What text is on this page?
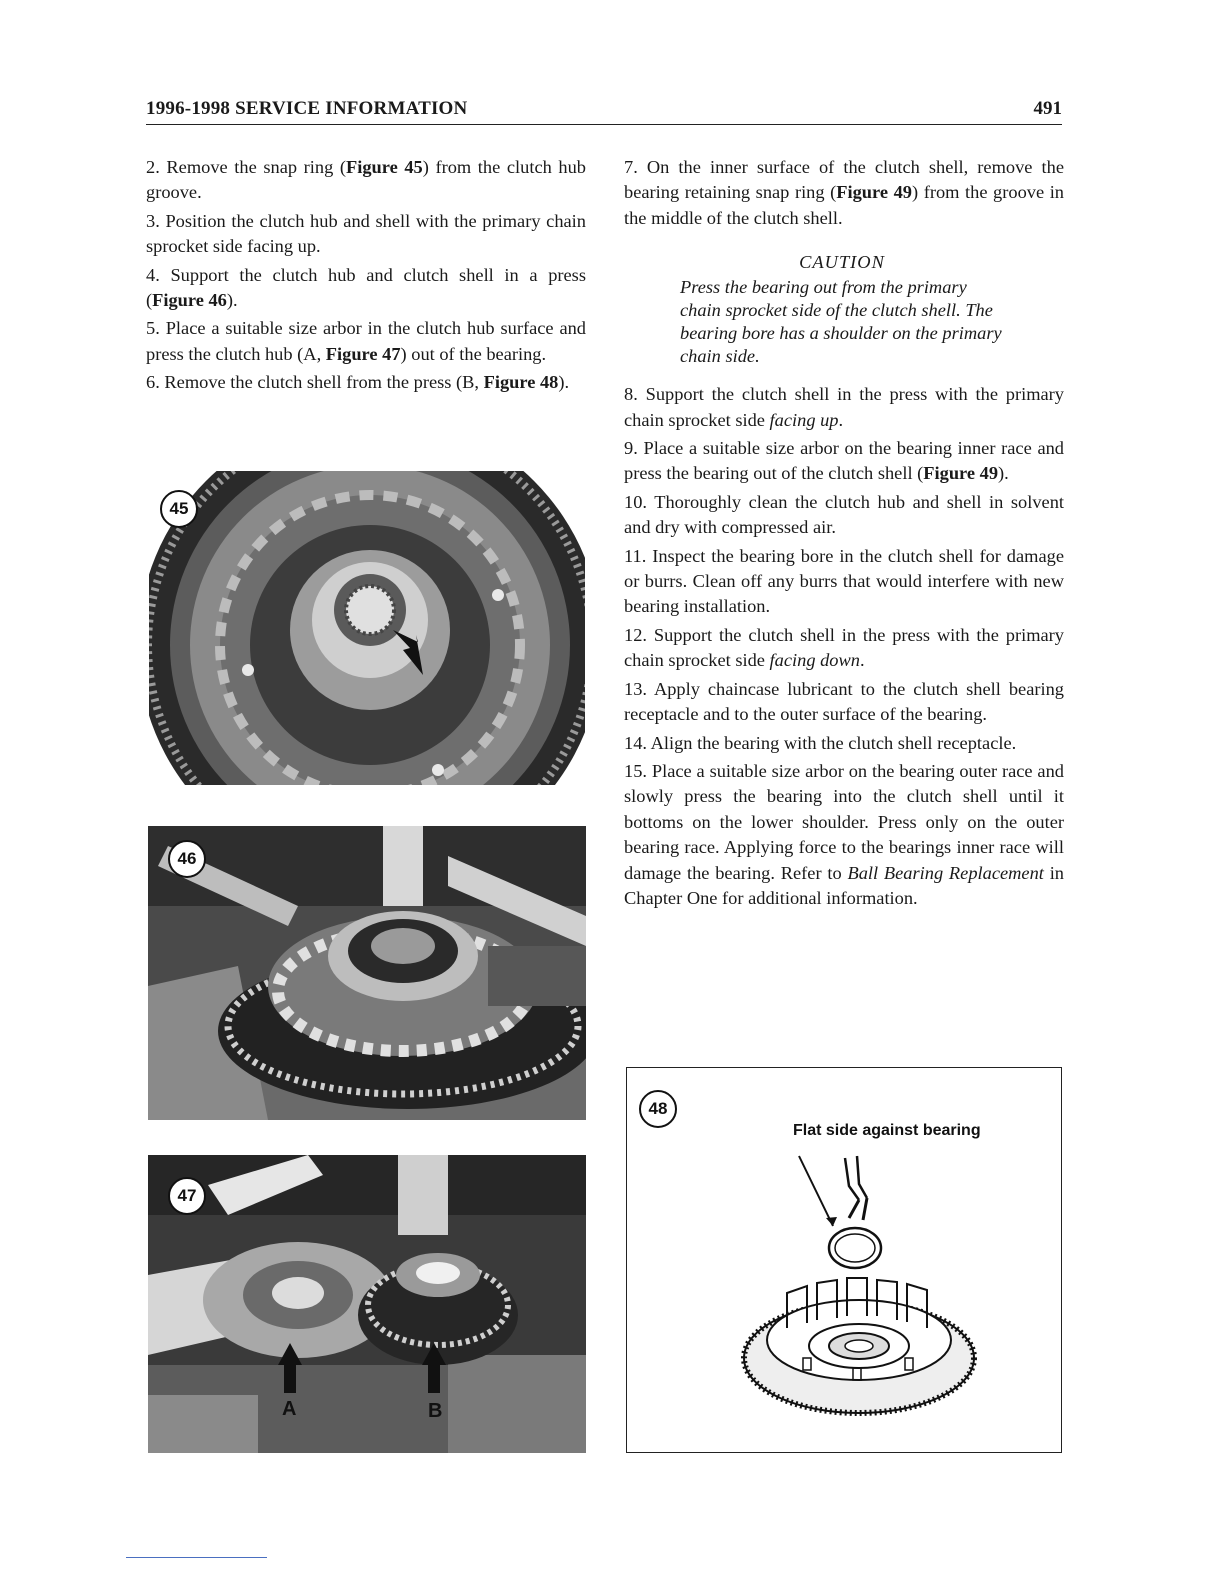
1996-1998 SERVICE INFORMATION	491

2. Remove the snap ring (Figure 45) from the clutch hub groove.

3. Position the clutch hub and shell with the primary chain sprocket side facing up.

4. Support the clutch hub and clutch shell in a press (Figure 46).

5. Place a suitable size arbor in the clutch hub surface and press the clutch hub (A, Figure 47) out of the bearing.

6. Remove the clutch shell from the press (B, Figure 48).

7. On the inner surface of the clutch shell, remove the bearing retaining snap ring (Figure 49) from the groove in the middle of the clutch shell.

CAUTION
Press the bearing out from the primary chain sprocket side of the clutch shell. The bearing bore has a shoulder on the primary chain side.

8. Support the clutch shell in the press with the primary chain sprocket side facing up.

9. Place a suitable size arbor on the bearing inner race and press the bearing out of the clutch shell (Figure 49).

10. Thoroughly clean the clutch hub and shell in solvent and dry with compressed air.

11. Inspect the bearing bore in the clutch shell for damage or burrs. Clean off any burrs that would interfere with new bearing installation.

12. Support the clutch shell in the press with the primary chain sprocket side facing down.

13. Apply chaincase lubricant to the clutch shell bearing receptacle and to the outer surface of the bearing.

14. Align the bearing with the clutch shell receptacle.

15. Place a suitable size arbor on the bearing outer race and slowly press the bearing into the clutch shell until it bottoms on the lower shoulder. Press only on the outer bearing race. Applying force to the bearings inner race will damage the bearing. Refer to Ball Bearing Replacement in Chapter One for additional information.

45
46
A	B
47
48
Flat side against bearing
